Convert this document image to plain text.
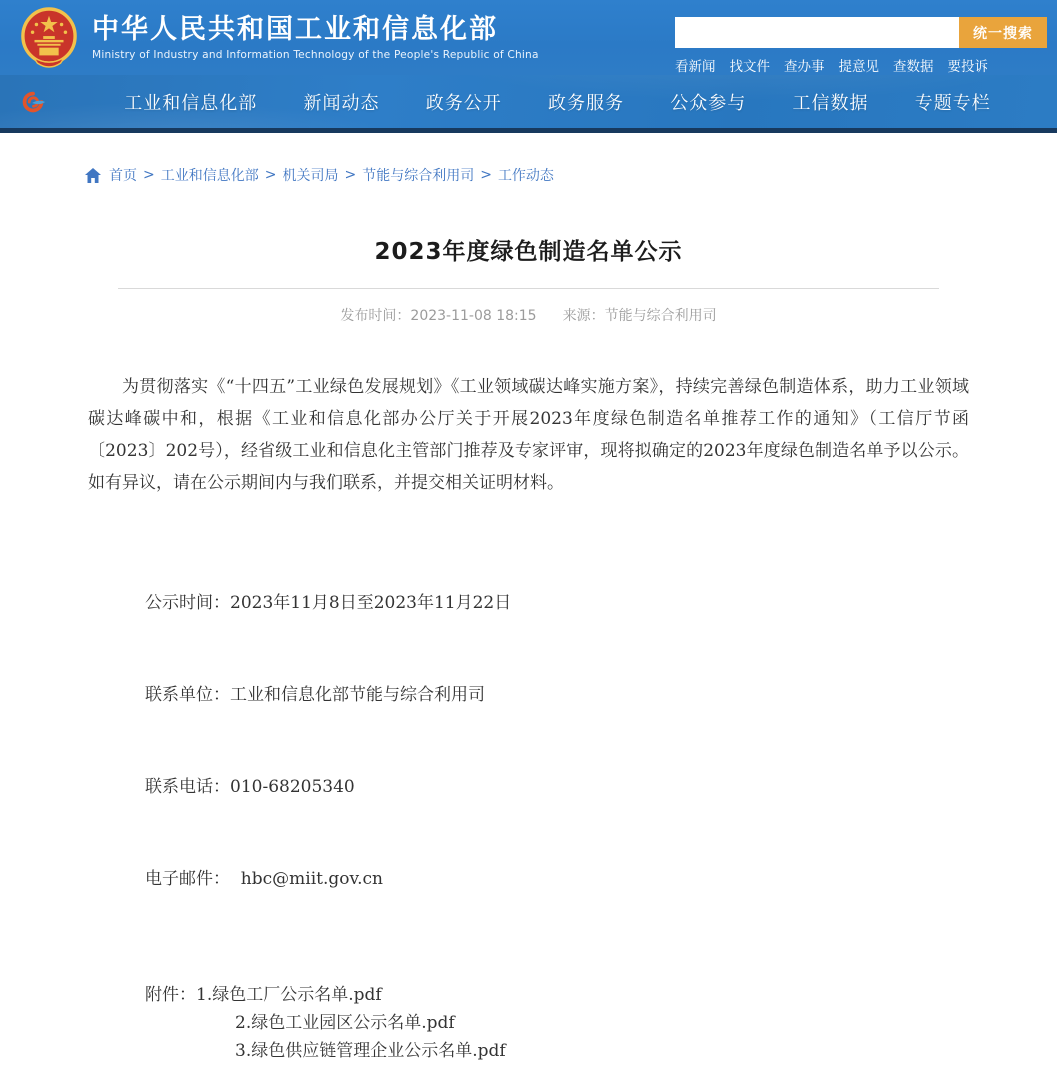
中华人民共和国工业和信息化部
Ministry of Industry and Information Technology of the People's Republic of China
统一搜索
看新闻 找文件 查办事 提意见 查数据 要投诉
工业和信息化部	新闻动态	政务公开	政务服务	公众参与	工信数据	专题专栏
首页 > 工业和信息化部 > 机关司局 > 节能与综合利用司 > 工作动态
2023年度绿色制造名单公示
发布时间：2023-11-08 18:15 来源：节能与综合利用司

为贯彻落实《“十四五”工业绿色发展规划》《工业领域碳达峰实施方案》，持续完善绿色制造体系，助力工业领域碳达峰碳中和，根据《工业和信息化部办公厅关于开展2023年度绿色制造名单推荐工作的通知》（工信厅节函〔2023〕202号），经省级工业和信息化主管部门推荐及专家评审，现将拟确定的2023年度绿色制造名单予以公示。如有异议，请在公示期间内与我们联系，并提交相关证明材料。

公示时间：2023年11月8日至2023年11月22日

联系单位：工业和信息化部节能与综合利用司

联系电话：010-68205340

电子邮件：  hbc@miit.gov.cn

附件：1.绿色工厂公示名单.pdf
2.绿色工业园区公示名单.pdf
3.绿色供应链管理企业公示名单.pdf
